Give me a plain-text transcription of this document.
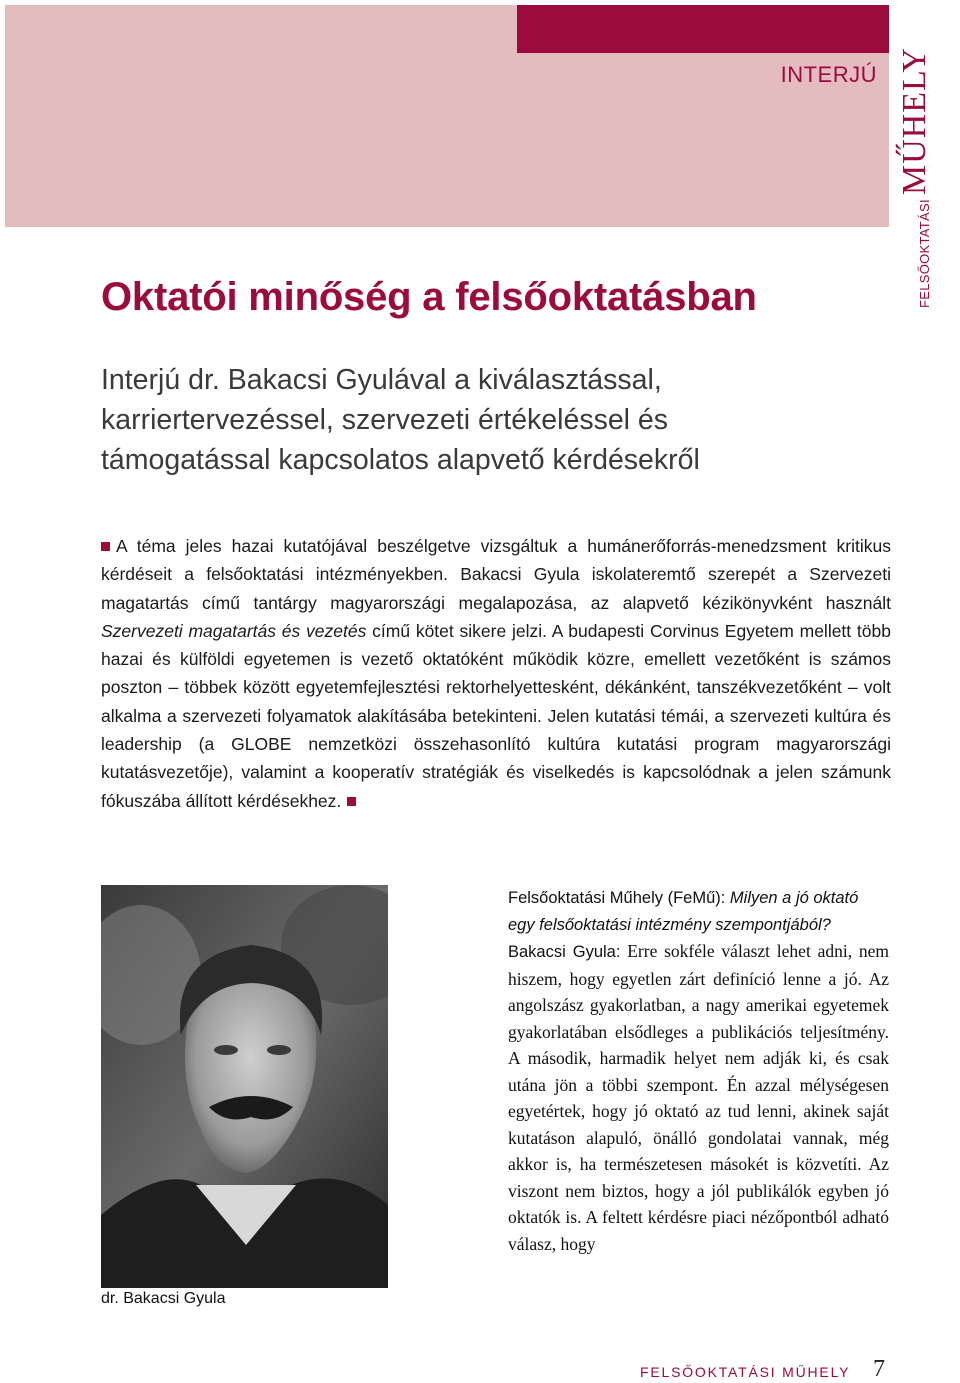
INTERJÚ
FELSŐOKTATÁSI
MŰHELY
Oktatói minőség a felsőoktatásban
Interjú dr. Bakacsi Gyulával a kiválasztással, karriertervezéssel, szervezeti értékeléssel és támogatással kapcsolatos alapvető kérdésekről

A téma jeles hazai kutatójával beszélgetve vizsgáltuk a humánerőforrás-menedzsment kritikus kérdéseit a felsőoktatási intézményekben. Bakacsi Gyula iskolateremtő szerepét a Szervezeti magatartás című tantárgy magyarországi megalapozása, az alapvető kézikönyvként használt Szervezeti magatartás és vezetés című kötet sikere jelzi. A budapesti Corvinus Egyetem mellett több hazai és külföldi egyetemen is vezető oktatóként működik közre, emellett vezetőként is számos poszton – többek között egyetemfejlesztési rektorhelyettesként, dékánként, tanszékvezetőként – volt alkalma a szervezeti folyamatok alakításába betekinteni. Jelen kutatási témái, a szervezeti kultúra és leadership (a GLOBE nemzetközi összehasonlító kultúra kutatási program magyarországi kutatásvezetője), valamint a kooperatív stratégiák és viselkedés is kapcsolódnak a jelen számunk fókuszába állított kérdésekhez.

dr. Bakacsi Gyula

Felsőoktatási Műhely (FeMű): Milyen a jó oktató egy felsőoktatási intézmény szempontjából?

Bakacsi Gyula: Erre sokféle választ lehet adni, nem hiszem, hogy egyetlen zárt definíció lenne a jó. Az angolszász gyakorlatban, a nagy amerikai egyetemek gyakorlatában elsődleges a publikációs teljesítmény. A második, harmadik helyet nem adják ki, és csak utána jön a többi szempont. Én azzal mélységesen egyetértek, hogy jó oktató az tud lenni, akinek saját kutatáson alapuló, önálló gondolatai vannak, még akkor is, ha természetesen másokét is közvetíti. Az viszont nem biztos, hogy a jól publikálók egyben jó oktatók is. A feltett kérdésre piaci nézőpontból adható válasz, hogy

FELSŐOKTATÁSI MŰHELY 7
